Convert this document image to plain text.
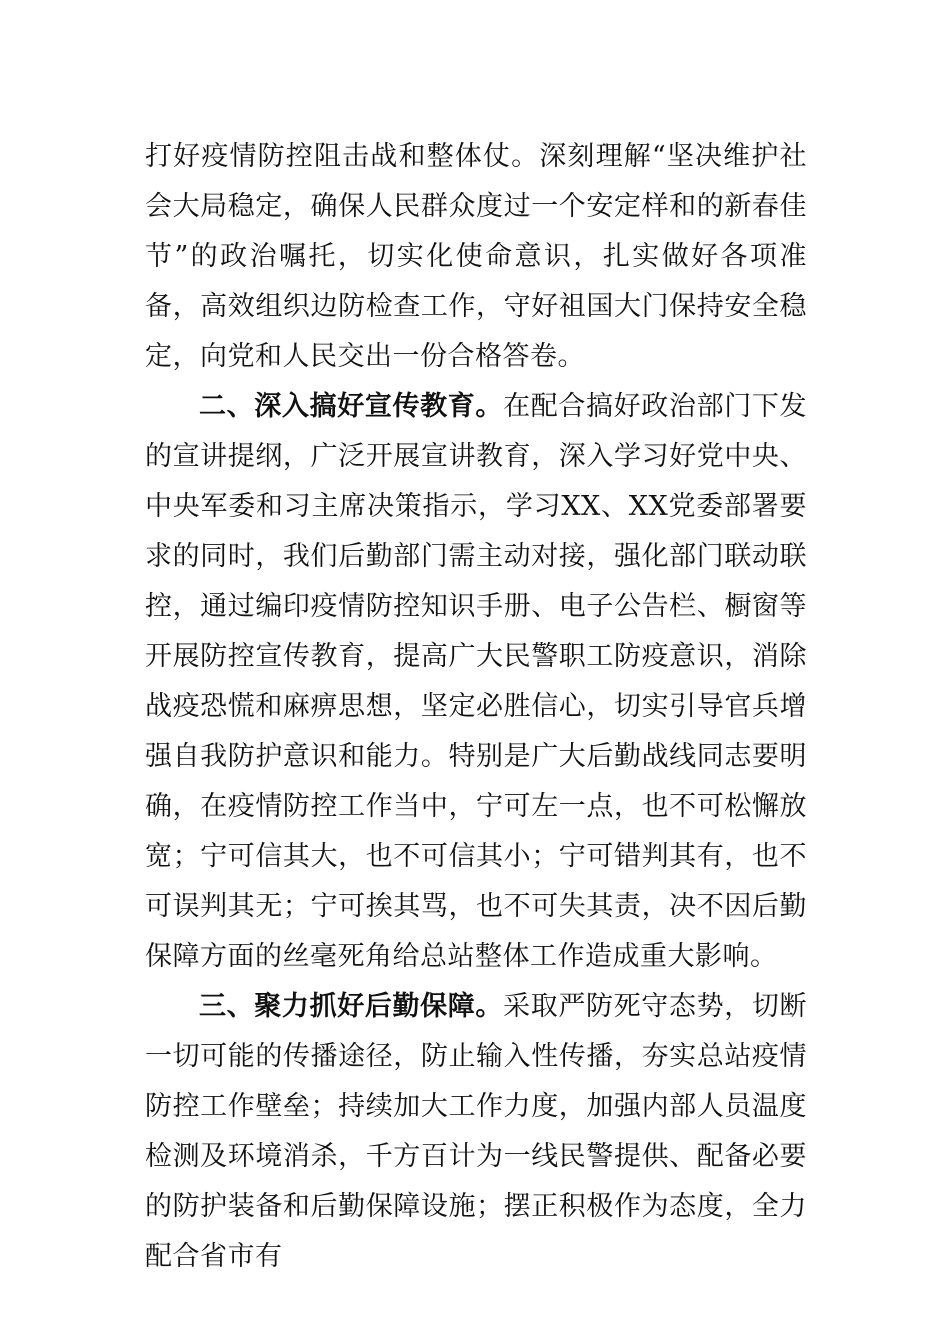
打好疫情防控阻击战和整体仗。深刻理解“坚决维护社会大局稳定，确保人民群众度过一个安定样和的新春佳节”的政治嘱托，切实化使命意识，扎实做好各项准备，高效组织边防检查工作，守好祖国大门保持安全稳定，向党和人民交出一份合格答卷。

二、深入搞好宣传教育。在配合搞好政治部门下发的宣讲提纲，广泛开展宣讲教育，深入学习好党中央、中央军委和习主席决策指示，学习XX、XX党委部署要求的同时，我们后勤部门需主动对接，强化部门联动联控，通过编印疫情防控知识手册、电子公告栏、橱窗等开展防控宣传教育，提高广大民警职工防疫意识，消除战疫恐慌和麻痹思想，坚定必胜信心，切实引导官兵增强自我防护意识和能力。特别是广大后勤战线同志要明确，在疫情防控工作当中，宁可左一点，也不可松懈放宽；宁可信其大，也不可信其小；宁可错判其有，也不可误判其无；宁可挨其骂，也不可失其责，决不因后勤保障方面的丝毫死角给总站整体工作造成重大影响。

三、聚力抓好后勤保障。采取严防死守态势，切断一切可能的传播途径，防止输入性传播，夯实总站疫情防控工作壁垒；持续加大工作力度，加强内部人员温度检测及环境消杀，千方百计为一线民警提供、配备必要的防护装备和后勤保障设施；摆正积极作为态度，全力配合省市有
